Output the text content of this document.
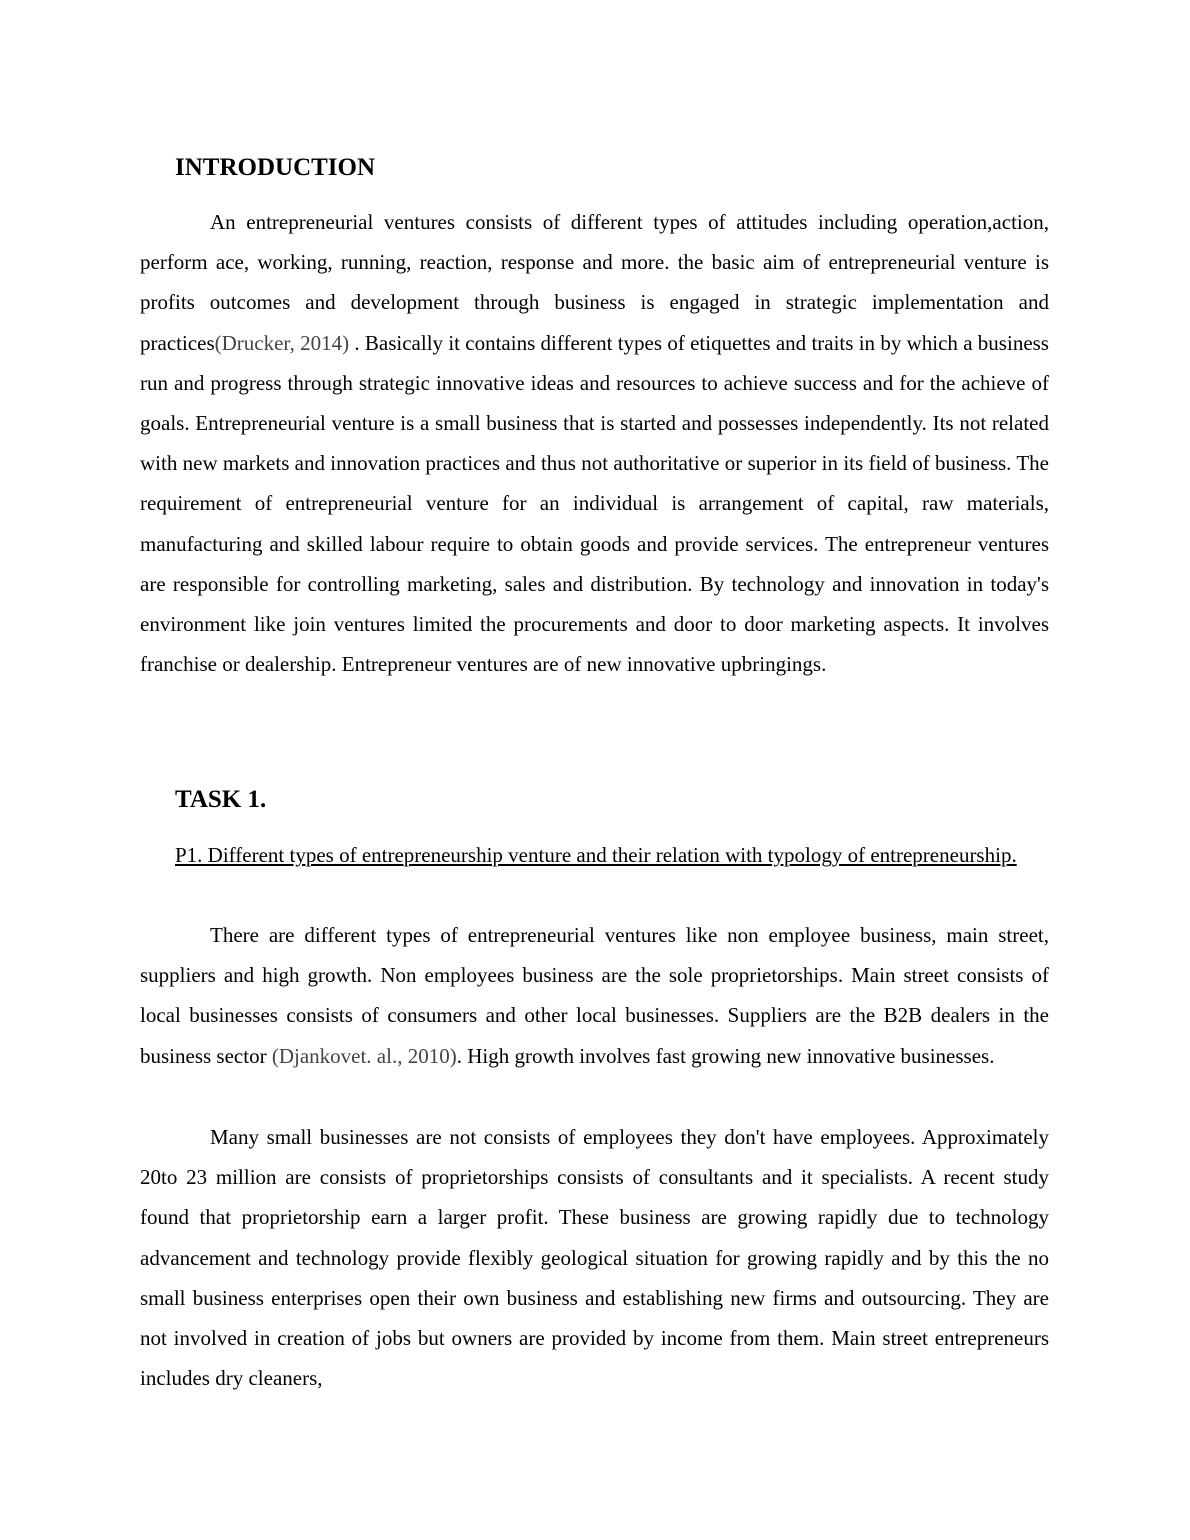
INTRODUCTION

An entrepreneurial ventures consists of different types of attitudes including operation,action, perform ace, working, running, reaction, response and more. the basic aim of entrepreneurial venture is profits outcomes and development through business is engaged in strategic implementation and practices(Drucker, 2014) . Basically it contains different types of etiquettes and traits in by which a business run and progress through strategic innovative ideas and resources to achieve success and for the achieve of goals. Entrepreneurial venture is a small business that is started and possesses independently. Its not related with new markets and innovation practices and thus not authoritative or superior in its field of business. The requirement of entrepreneurial venture for an individual is arrangement of capital, raw materials, manufacturing and skilled labour require to obtain goods and provide services. The entrepreneur ventures are responsible for controlling marketing, sales and distribution. By technology and innovation in today's environment like join ventures limited the procurements and door to door marketing aspects. It involves franchise or dealership. Entrepreneur ventures are of new innovative upbringings.

TASK 1.

P1. Different types of entrepreneurship venture and their relation with typology of entrepreneurship.

There are different types of entrepreneurial ventures like non employee business, main street, suppliers and high growth. Non employees business are the sole proprietorships. Main street consists of local businesses consists of consumers and other local businesses. Suppliers are the B2B dealers in the business sector (Djankovet. al., 2010). High growth involves fast growing new innovative businesses.

Many small businesses are not consists of employees they don't have employees. Approximately 20to 23 million are consists of proprietorships consists of consultants and it specialists. A recent study found that proprietorship earn a larger profit. These business are growing rapidly due to technology advancement and technology provide flexibly geological situation for growing rapidly and by this the no small business enterprises open their own business and establishing new firms and outsourcing. They are not involved in creation of jobs but owners are provided by income from them. Main street entrepreneurs includes dry cleaners,
